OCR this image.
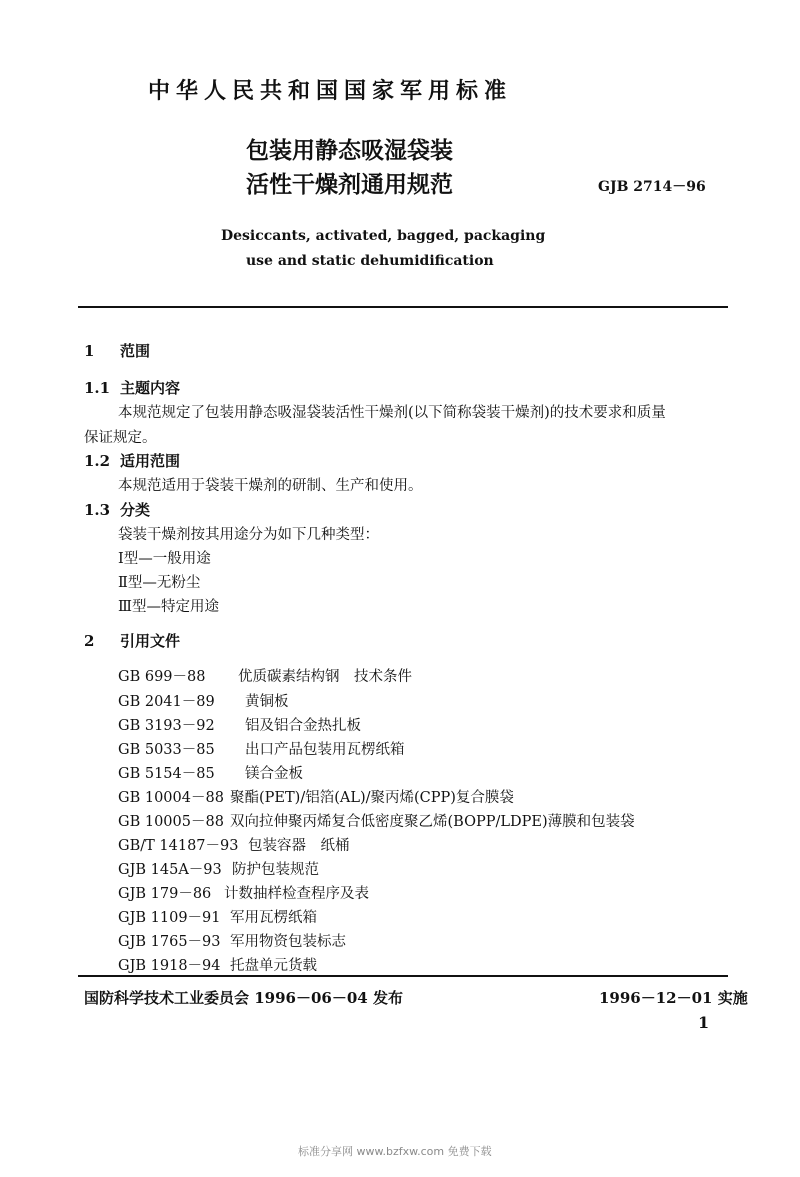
中华人民共和国国家军用标准
包装用静态吸湿袋装
活性干燥剂通用规范	GJB 2714－96
Desiccants, activated, bagged, packaging
use and static dehumidification
1 范围
1.1 主题内容
本规范规定了包装用静态吸湿袋装活性干燥剂(以下简称袋装干燥剂)的技术要求和质量
保证规定。
1.2 适用范围
本规范适用于袋装干燥剂的研制、生产和使用。
1.3 分类
袋装干燥剂按其用途分为如下几种类型：
Ⅰ型—一般用途
Ⅱ型—无粉尘
Ⅲ型—特定用途
2 引用文件
GB 699－88 优质碳素结构钢　技术条件
GB 2041－89 黄铜板
GB 3193－92 铝及铝合金热扎板
GB 5033－85 出口产品包装用瓦楞纸箱
GB 5154－85 镁合金板
GB 10004－88 聚酯(PET)/铝箔(AL)/聚丙烯(CPP)复合膜袋
GB 10005－88 双向拉伸聚丙烯复合低密度聚乙烯(BOPP/LDPE)薄膜和包装袋
GB/T 14187－93 包装容器　纸桶
GJB 145A－93 防护包装规范
GJB 179－86 计数抽样检查程序及表
GJB 1109－91 军用瓦楞纸箱
GJB 1765－93 军用物资包装标志
GJB 1918－94 托盘单元货载
国防科学技术工业委员会 1996－06－04 发布	1996－12－01 实施
1
标准分享网 www.bzfxw.com 免费下载
